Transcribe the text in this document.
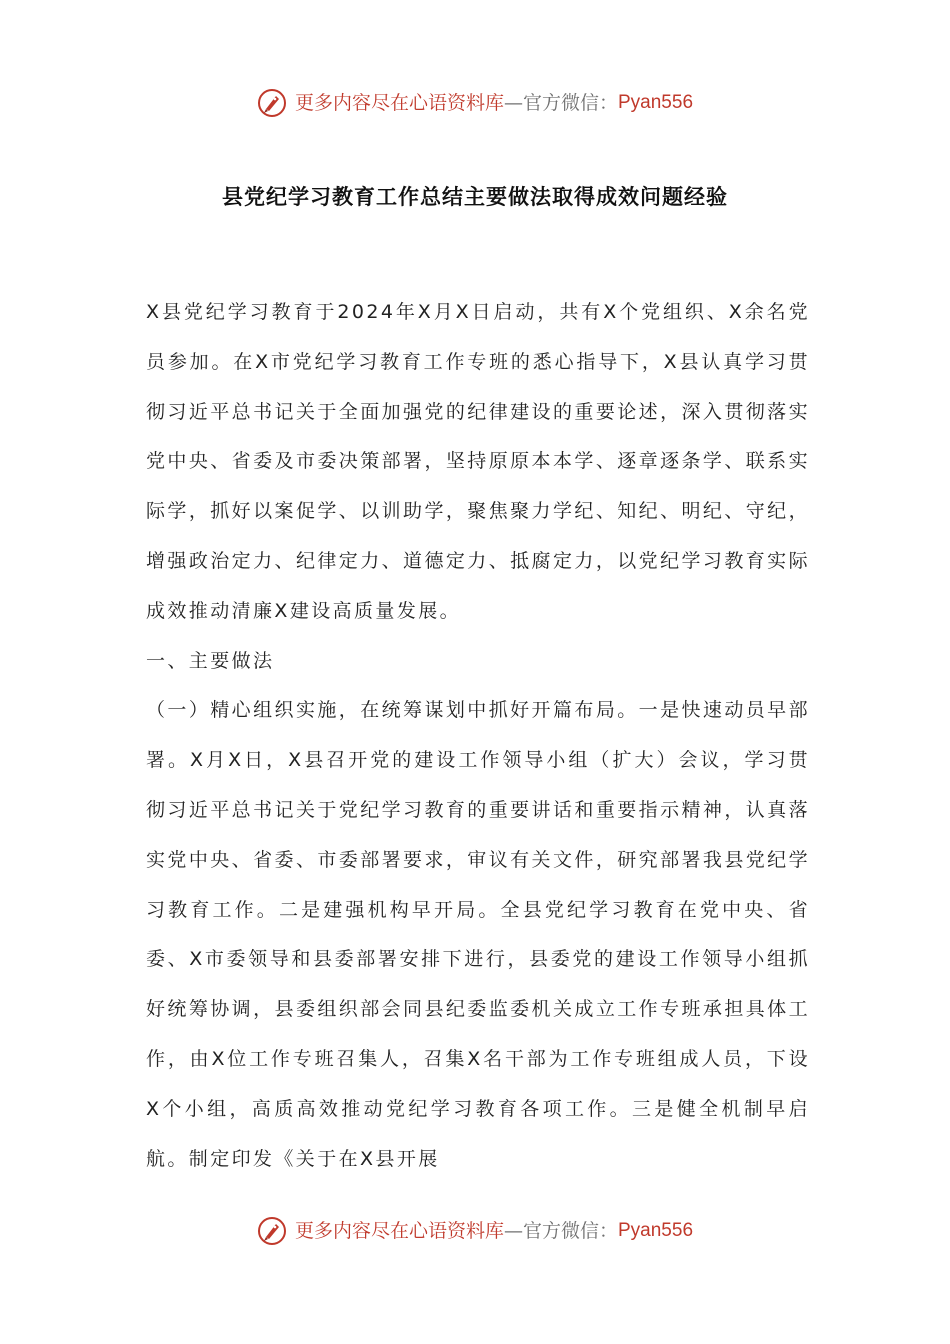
更多内容尽在心语资料库 — 官方微信： Pyan556
县党纪学习教育工作总结主要做法取得成效问题经验

X县党纪学习教育于2024年X月X日启动，共有X个党组织、X余名党员参加。在X市党纪学习教育工作专班的悉心指导下，X县认真学习贯彻习近平总书记关于全面加强党的纪律建设的重要论述，深入贯彻落实党中央、省委及市委决策部署，坚持原原本本学、逐章逐条学、联系实际学，抓好以案促学、以训助学，聚焦聚力学纪、知纪、明纪、守纪，增强政治定力、纪律定力、道德定力、抵腐定力，以党纪学习教育实际成效推动清廉X建设高质量发展。

一、主要做法

（一）精心组织实施，在统筹谋划中抓好开篇布局。一是快速动员早部署。X月X日，X县召开党的建设工作领导小组（扩大）会议，学习贯彻习近平总书记关于党纪学习教育的重要讲话和重要指示精神，认真落实党中央、省委、市委部署要求，审议有关文件，研究部署我县党纪学习教育工作。二是建强机构早开局。全县党纪学习教育在党中央、省委、X市委领导和县委部署安排下进行，县委党的建设工作领导小组抓好统筹协调，县委组织部会同县纪委监委机关成立工作专班承担具体工作，由X位工作专班召集人，召集X名干部为工作专班组成人员，下设X个小组，高质高效推动党纪学习教育各项工作。三是健全机制早启航。制定印发《关于在X县开展

更多内容尽在心语资料库 — 官方微信： Pyan556
